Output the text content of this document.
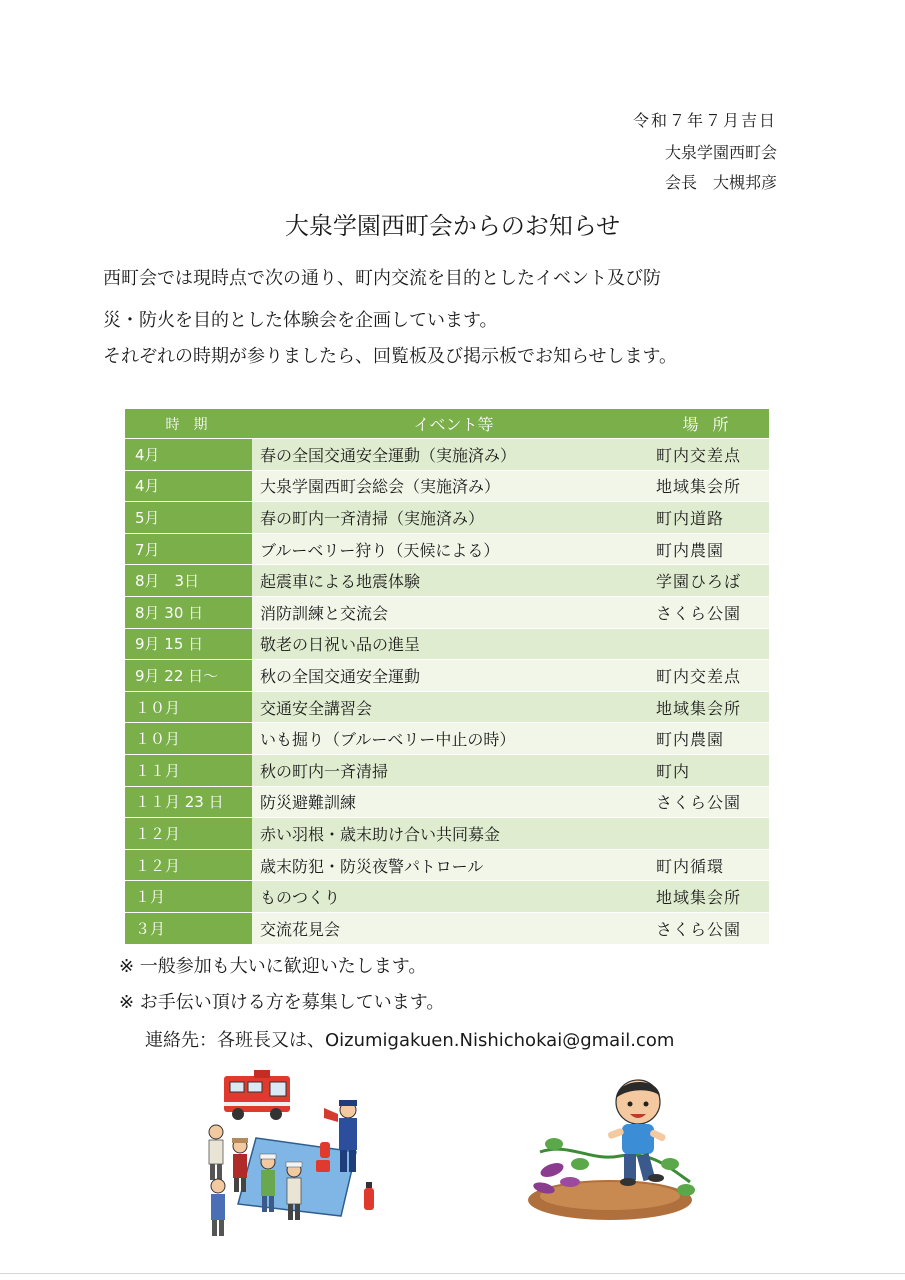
令和７年７月吉日
大泉学園西町会
会長　大槻邦彦
大泉学園西町会からのお知らせ
西町会では現時点で次の通り、町内交流を目的としたイベント及び防
災・防火を目的とした体験会を企画しています。
それぞれの時期が参りましたら、回覧板及び掲示板でお知らせします。
時期	イベント等	場所
4月	春の全国交通安全運動（実施済み）	町内交差点
4月	大泉学園西町会総会（実施済み）	地域集会所
5月	春の町内一斉清掃（実施済み）	町内道路
7月	ブルーベリー狩り（天候による）	町内農園
8月　3日	起震車による地震体験	学園ひろば
8月 30 日	消防訓練と交流会	さくら公園
9月 15 日	敬老の日祝い品の進呈
9月 22 日～	秋の全国交通安全運動	町内交差点
１０月	交通安全講習会	地域集会所
１０月	いも掘り（ブルーベリー中止の時）	町内農園
１１月	秋の町内一斉清掃	町内
１１月 23 日	防災避難訓練	さくら公園
１２月	赤い羽根・歳末助け合い共同募金
１２月	歳末防犯・防災夜警パトロール	町内循環
１月	ものつくり	地域集会所
３月	交流花見会	さくら公園
※ 一般参加も大いに歓迎いたします。
※ お手伝い頂ける方を募集しています。
連絡先：各班長又は、Oizumigakuen.Nishichokai@gmail.com
